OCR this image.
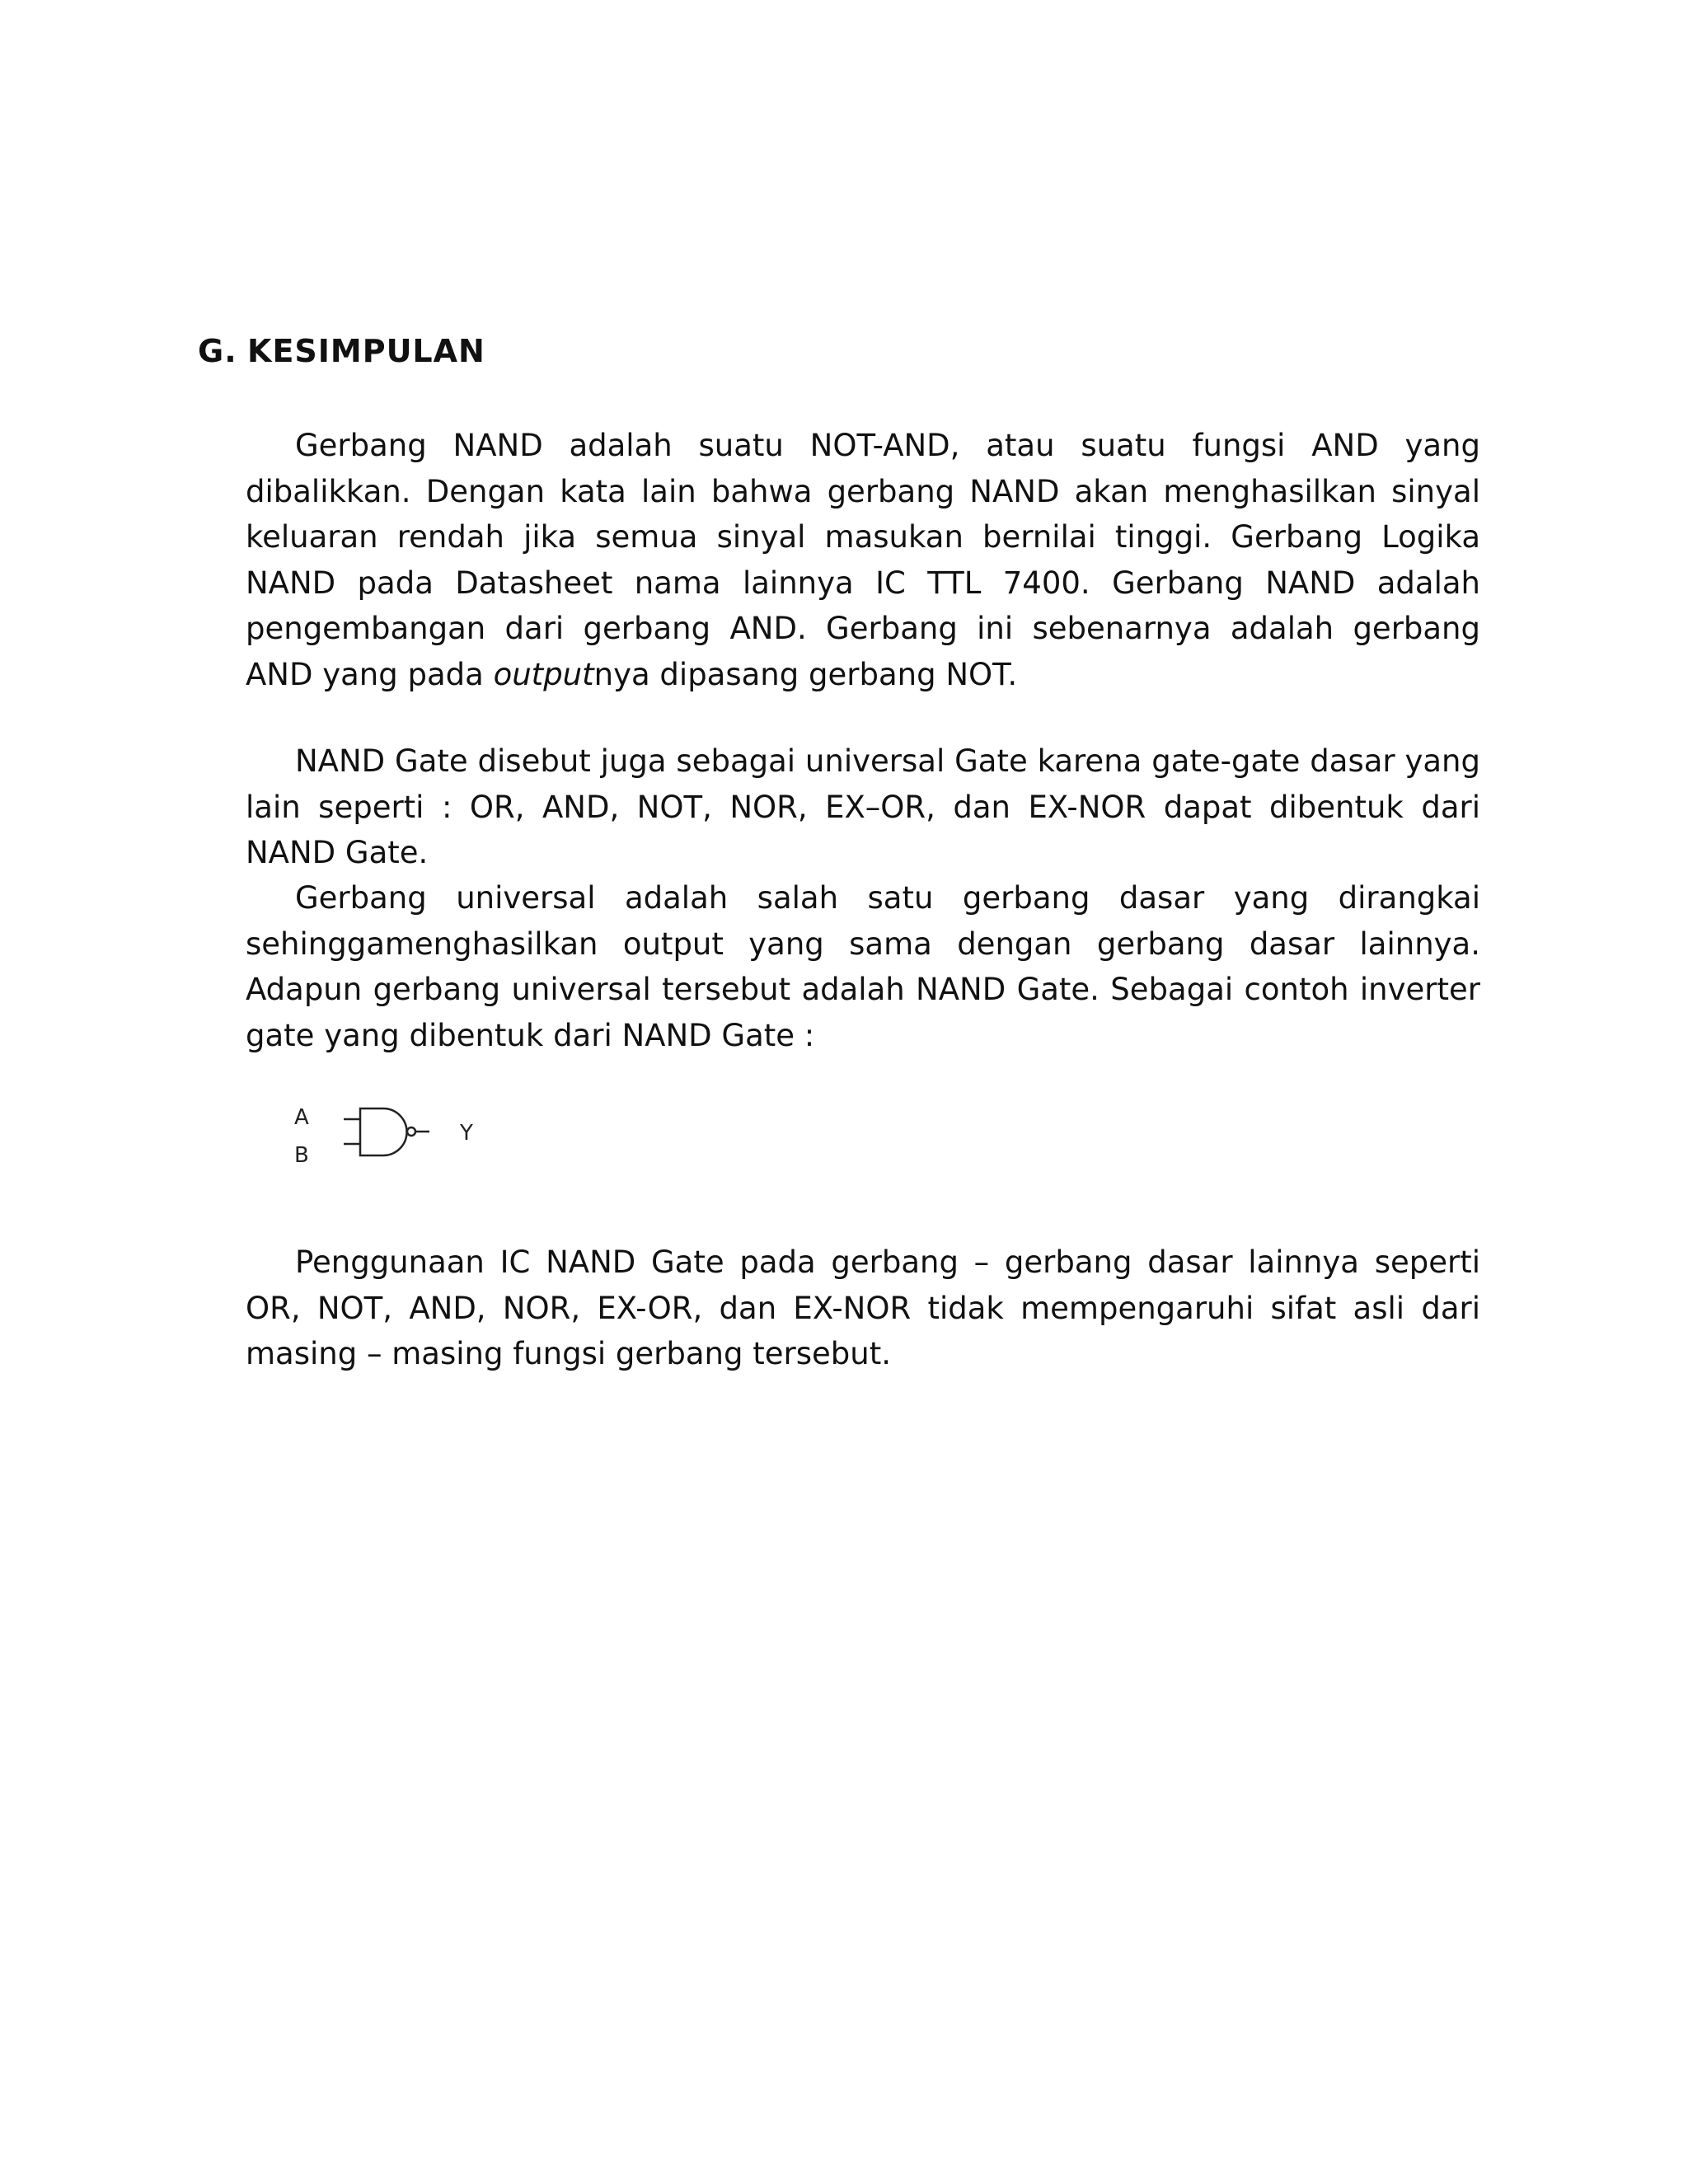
G. KESIMPULAN

Gerbang NAND adalah suatu NOT-AND, atau suatu fungsi AND yang dibalikkan. Dengan kata lain bahwa gerbang NAND akan menghasilkan sinyal keluaran rendah jika semua sinyal masukan bernilai tinggi. Gerbang Logika NAND pada Datasheet nama lainnya IC TTL 7400. Gerbang NAND adalah pengembangan dari gerbang AND. Gerbang ini sebenarnya adalah gerbang AND yang pada outputnya dipasang gerbang NOT.

NAND Gate disebut juga sebagai universal Gate karena gate-gate dasar yang lain seperti : OR, AND, NOT, NOR, EX–OR, dan EX-NOR dapat dibentuk dari NAND Gate.

Gerbang universal adalah salah satu gerbang dasar yang dirangkai sehinggamenghasilkan output yang sama dengan gerbang dasar lainnya. Adapun gerbang universal tersebut adalah NAND Gate. Sebagai contoh inverter gate yang dibentuk dari NAND Gate :

A
B
Y

Penggunaan IC NAND Gate pada gerbang – gerbang dasar lainnya seperti OR, NOT, AND, NOR, EX-OR, dan EX-NOR tidak mempengaruhi sifat asli dari masing – masing fungsi gerbang tersebut.
